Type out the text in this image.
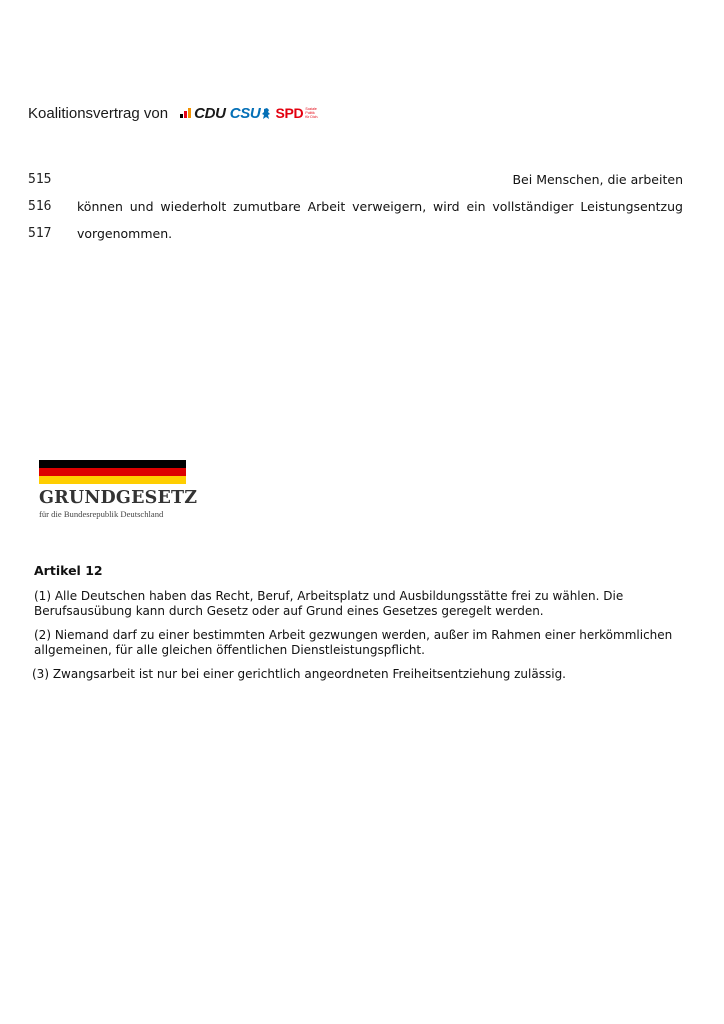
Koalitionsvertrag von CDU CSU SPD Soziale Politik für Dich.
515	Bei Menschen, die arbeiten
516 können und wiederholt zumutbare Arbeit verweigern, wird ein vollständiger Leistungsentzug
517 vorgenommen.
GRUNDGESETZ
für die Bundesrepublik Deutschland
Artikel 12
(1) Alle Deutschen haben das Recht, Beruf, Arbeitsplatz und Ausbildungsstätte frei zu wählen. Die
Berufsausübung kann durch Gesetz oder auf Grund eines Gesetzes geregelt werden.
(2) Niemand darf zu einer bestimmten Arbeit gezwungen werden, außer im Rahmen einer herkömmlichen
allgemeinen, für alle gleichen öffentlichen Dienstleistungspflicht.
(3) Zwangsarbeit ist nur bei einer gerichtlich angeordneten Freiheitsentziehung zulässig.
